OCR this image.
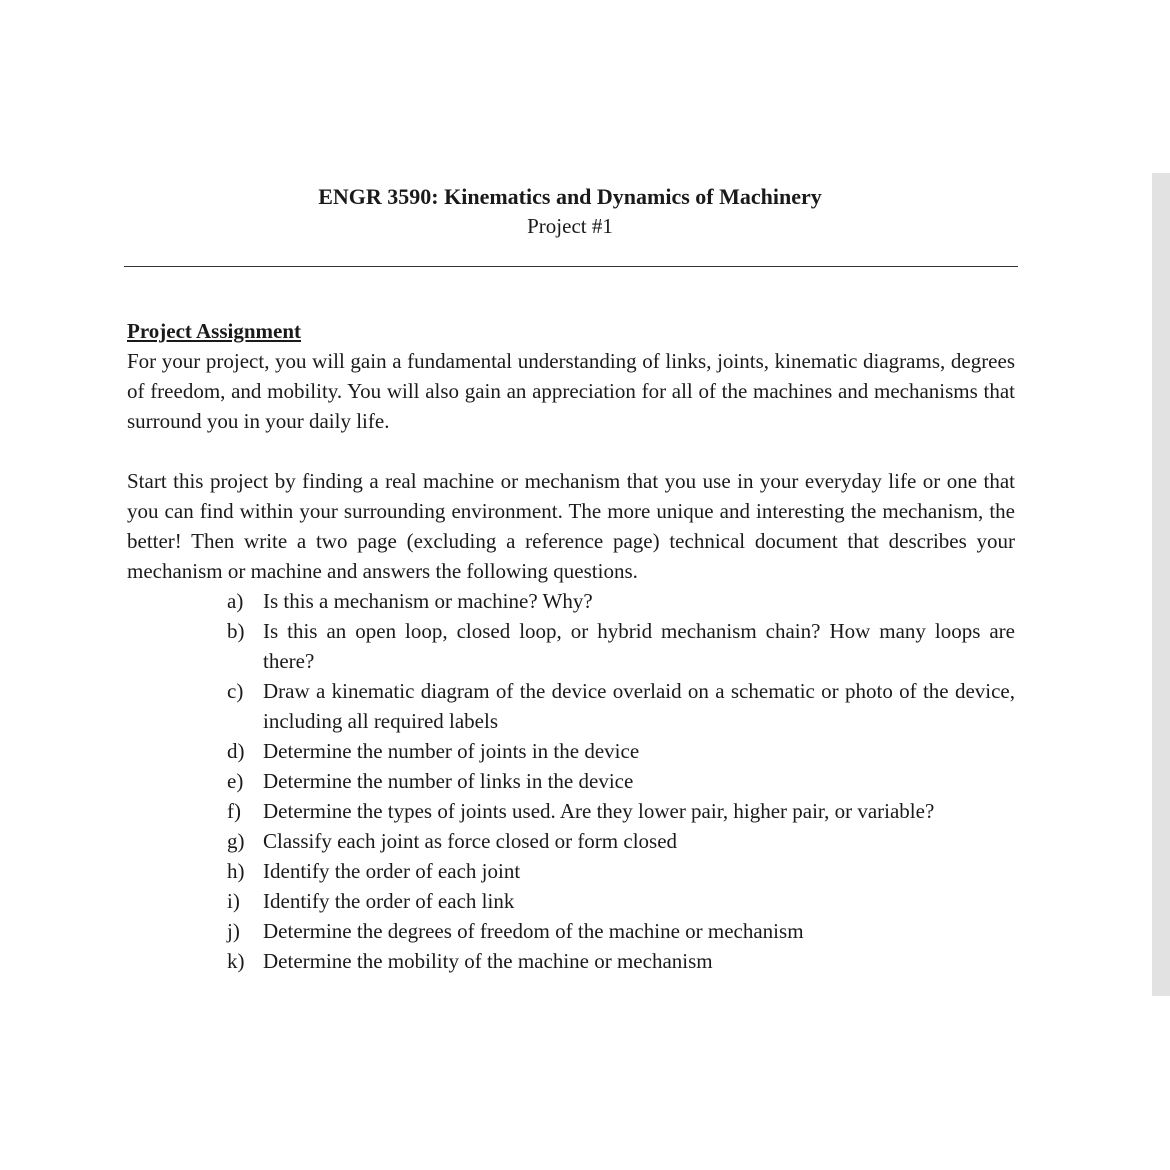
ENGR 3590: Kinematics and Dynamics of Machinery
Project #1
Project Assignment

For your project, you will gain a fundamental understanding of links, joints, kinematic diagrams, degrees of freedom, and mobility. You will also gain an appreciation for all of the machines and mechanisms that surround you in your daily life.

Start this project by finding a real machine or mechanism that you use in your everyday life or one that you can find within your surrounding environment. The more unique and interesting the mechanism, the better! Then write a two page (excluding a reference page) technical document that describes your mechanism or machine and answers the following questions.

a) Is this a mechanism or machine? Why?
b) Is this an open loop, closed loop, or hybrid mechanism chain? How many loops are there?
c) Draw a kinematic diagram of the device overlaid on a schematic or photo of the device, including all required labels
d) Determine the number of joints in the device
e) Determine the number of links in the device
f)	Determine the types of joints used. Are they lower pair, higher pair, or variable?
g) Classify each joint as force closed or form closed
h) Identify the order of each joint
i)	Identify the order of each link
j)	Determine the degrees of freedom of the machine or mechanism
k) Determine the mobility of the machine or mechanism
